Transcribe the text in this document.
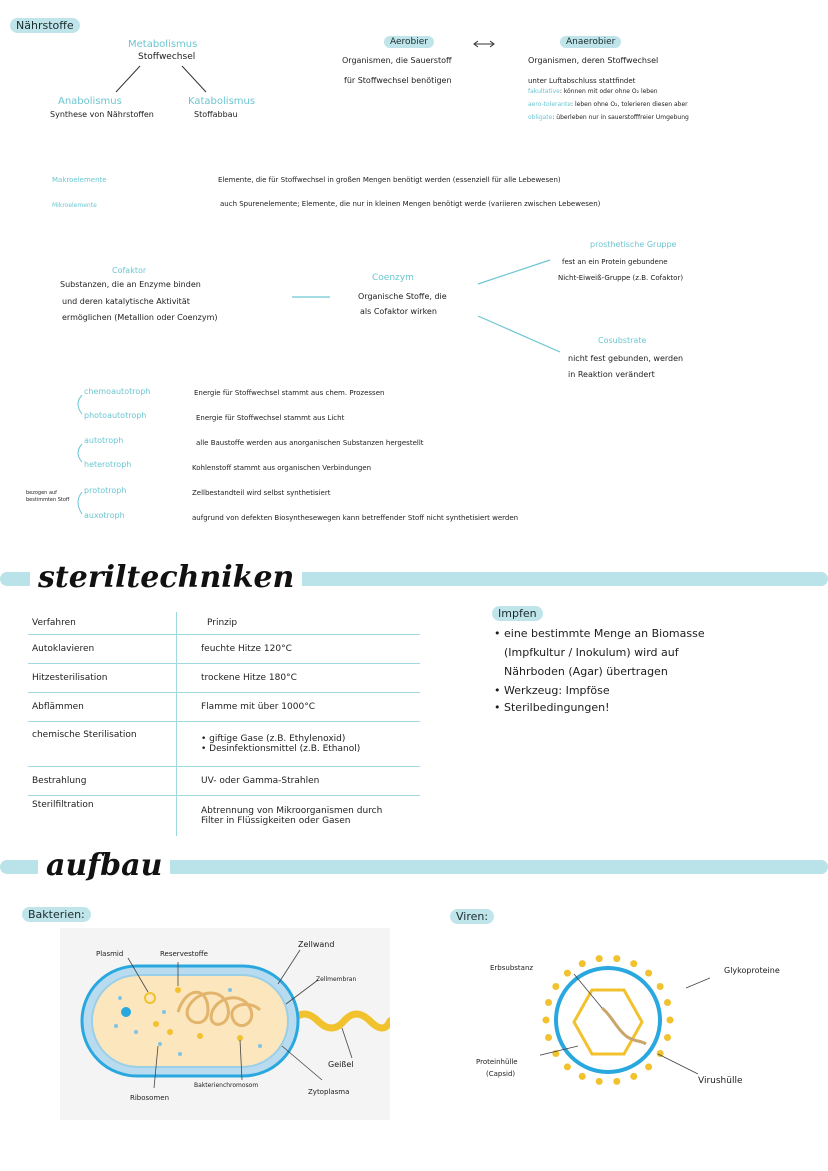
Nährstoffe
Metabolismus
Stoffwechsel
Anabolismus
Synthese von Nährstoffen
Katabolismus
Stoffabbau
Aerobier
Organismen, die Sauerstoff
für Stoffwechsel benötigen
Anaerobier
Organismen, deren Stoffwechsel
unter Luftabschluss stattfindet
fakultative: können mit oder ohne O₂ leben
aero-tolerante: leben ohne O₂, tolerieren diesen aber
obligate: überleben nur in sauerstofffreier Umgebung
Makroelemente	Elemente, die für Stoffwechsel in großen Mengen benötigt werden (essenziell für alle Lebewesen)
Mikroelemente	auch Spurenelemente; Elemente, die nur in kleinen Mengen benötigt werde (variieren zwischen Lebewesen)
Cofaktor
Substanzen, die an Enzyme binden
und deren katalytische Aktivität
ermöglichen (Metallion oder Coenzym)
Coenzym
Organische Stoffe, die
als Cofaktor wirken
prosthetische Gruppe
fest an ein Protein gebundene
Nicht-Eiweiß-Gruppe (z.B. Cofaktor)
Cosubstrate
nicht fest gebunden, werden
in Reaktion verändert
chemoautotroph	Energie für Stoffwechsel stammt aus chem. Prozessen
photoautotroph	Energie für Stoffwechsel stammt aus Licht
autotroph	alle Baustoffe werden aus anorganischen Substanzen hergestellt
heterotroph	Kohlenstoff stammt aus organischen Verbindungen
prototroph	Zellbestandteil wird selbst synthetisiert
auxotroph	aufgrund von defekten Biosynthesewegen kann betreffender Stoff nicht synthetisiert werden
bezogen auf bestimmten Stoff
steriltechniken
Verfahren	Prinzip
Autoklavieren	feuchte Hitze 120°C
Hitzesterilisation	trockene Hitze 180°C
Abflämmen	Flamme mit über 1000°C
chemische Sterilisation	• giftige Gase (z.B. Ethylenoxid)
• Desinfektionsmittel (z.B. Ethanol)

Bestrahlung	UV- oder Gamma-Strahlen
Sterilfiltration	Abtrennung von Mikroorganismen durch
Filter in Flüssigkeiten oder Gasen
Impfen
• eine bestimmte Menge an Biomasse
(Impfkultur / Inokulum) wird auf
Nährboden (Agar) übertragen
• Werkzeug: Impföse
• Sterilbedingungen!
aufbau
Bakterien:	Viren:
Plasmid	Reservestoffe
Zellwand
Zellmembran
Geißel
Zytoplasma
Bakterienchromosom
Ribosomen
Erbsubstanz	Glykoproteine
Proteinhülle
(Capsid)
Virushülle
